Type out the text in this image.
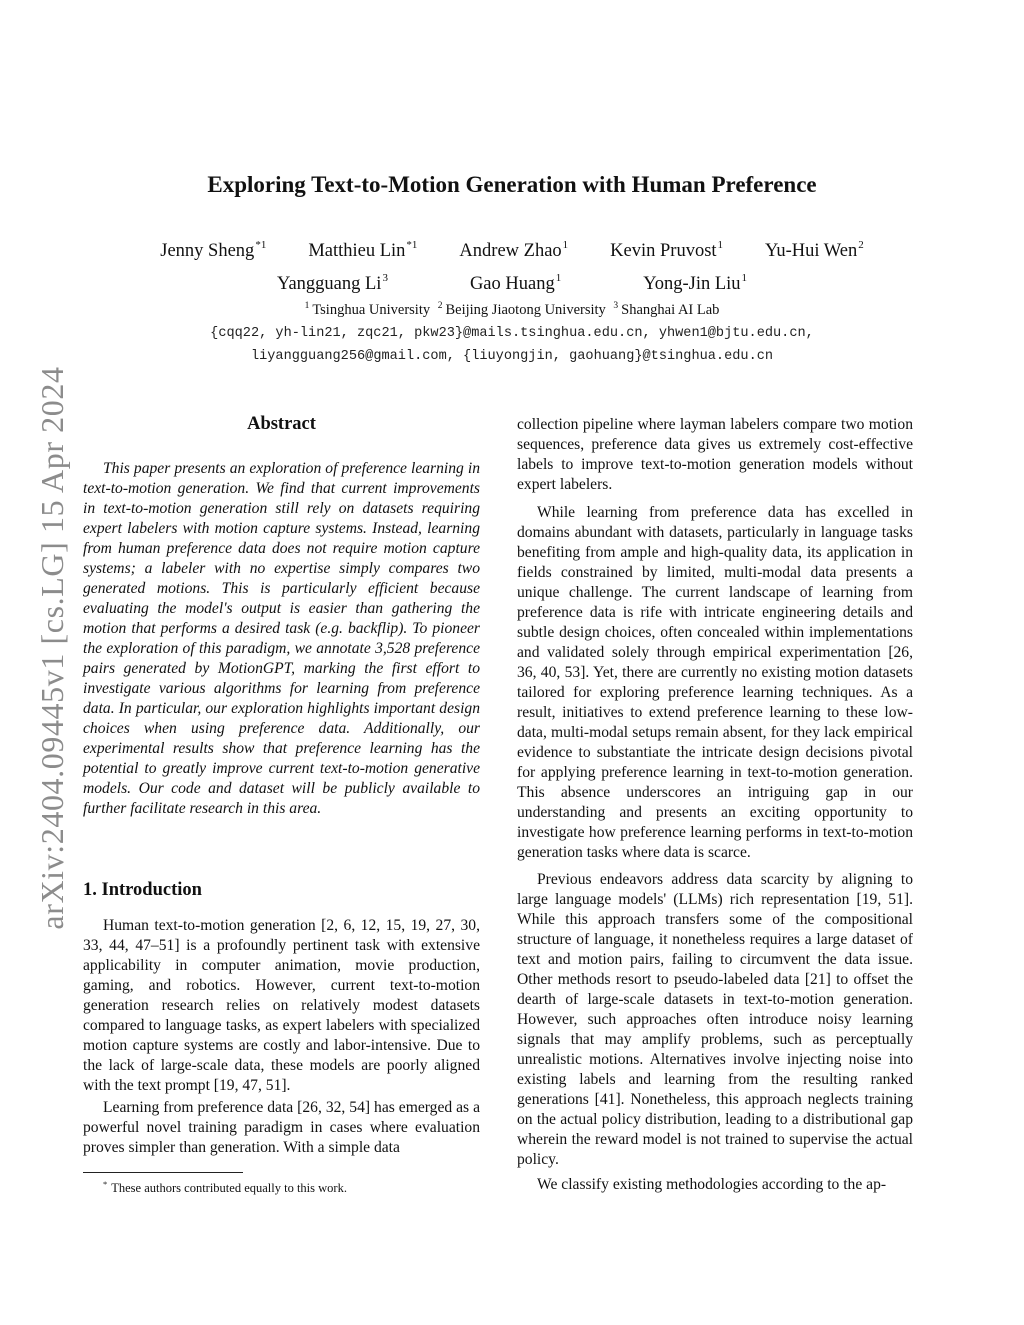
arXiv:2404.09445v1 [cs.LG] 15 Apr 2024
Exploring Text-to-Motion Generation with Human Preference
Jenny Sheng$^{*1}$ Matthieu Lin$^{*1}$ Andrew Zhao$^1$ Kevin Pruvost$^1$ Yu-Hui Wen$^2$
Yangguang Li$^3$	Gao Huang$^1$	Yong-Jin Liu$^1$
$^1$ Tsinghua University $^2$ Beijing Jiaotong University $^3$ Shanghai AI Lab
{cqq22, yh-lin21, zqc21, pkw23}@mails.tsinghua.edu.cn, yhwen1@bjtu.edu.cn,
liyangguang256@gmail.com, {liuyongjin, gaohuang}@tsinghua.edu.cn
Abstract

This paper presents an exploration of preference learning in text-to-motion generation. We find that current improvements in text-to-motion generation still rely on datasets requiring expert labelers with motion capture systems. Instead, learning from human preference data does not require motion capture systems; a labeler with no expertise simply compares two generated motions. This is particularly efficient because evaluating the model's output is easier than gathering the motion that performs a desired task (e.g. backflip). To pioneer the exploration of this paradigm, we annotate 3,528 preference pairs generated by MotionGPT, marking the first effort to investigate various algorithms for learning from preference data. In particular, our exploration highlights important design choices when using preference data. Additionally, our experimental results show that preference learning has the potential to greatly improve current text-to-motion generative models. Our code and dataset will be publicly available to further facilitate research in this area.

1. Introduction

Human text-to-motion generation [2, 6, 12, 15, 19, 27, 30, 33, 44, 47–51] is a profoundly pertinent task with extensive applicability in computer animation, movie production, gaming, and robotics. However, current text-to-motion generation research relies on relatively modest datasets compared to language tasks, as expert labelers with specialized motion capture systems are costly and labor-intensive. Due to the lack of large-scale data, these models are poorly aligned with the text prompt [19, 47, 51].

Learning from preference data [26, 32, 54] has emerged as a powerful novel training paradigm in cases where evaluation proves simpler than generation. With a simple data

* These authors contributed equally to this work.

collection pipeline where layman labelers compare two motion sequences, preference data gives us extremely cost-effective labels to improve text-to-motion generation models without expert labelers.

While learning from preference data has excelled in domains abundant with datasets, particularly in language tasks benefiting from ample and high-quality data, its application in fields constrained by limited, multi-modal data presents a unique challenge. The current landscape of learning from preference data is rife with intricate engineering details and subtle design choices, often concealed within implementations and validated solely through empirical experimentation [26, 36, 40, 53]. Yet, there are currently no existing motion datasets tailored for exploring preference learning techniques. As a result, initiatives to extend preference learning to these low-data, multi-modal setups remain absent, for they lack empirical evidence to substantiate the intricate design decisions pivotal for applying preference learning in text-to-motion generation. This absence underscores an intriguing gap in our understanding and presents an exciting opportunity to investigate how preference learning performs in text-to-motion generation tasks where data is scarce.

Previous endeavors address data scarcity by aligning to large language models' (LLMs) rich representation [19, 51]. While this approach transfers some of the compositional structure of language, it nonetheless requires a large dataset of text and motion pairs, failing to circumvent the data issue. Other methods resort to pseudo-labeled data [21] to offset the dearth of large-scale datasets in text-to-motion generation. However, such approaches often introduce noisy learning signals that may amplify problems, such as perceptually unrealistic motions. Alternatives involve injecting noise into existing labels and learning from the resulting ranked generations [41]. Nonetheless, this approach neglects training on the actual policy distribution, leading to a distributional gap wherein the reward model is not trained to supervise the actual policy.

We classify existing methodologies according to the ap-
